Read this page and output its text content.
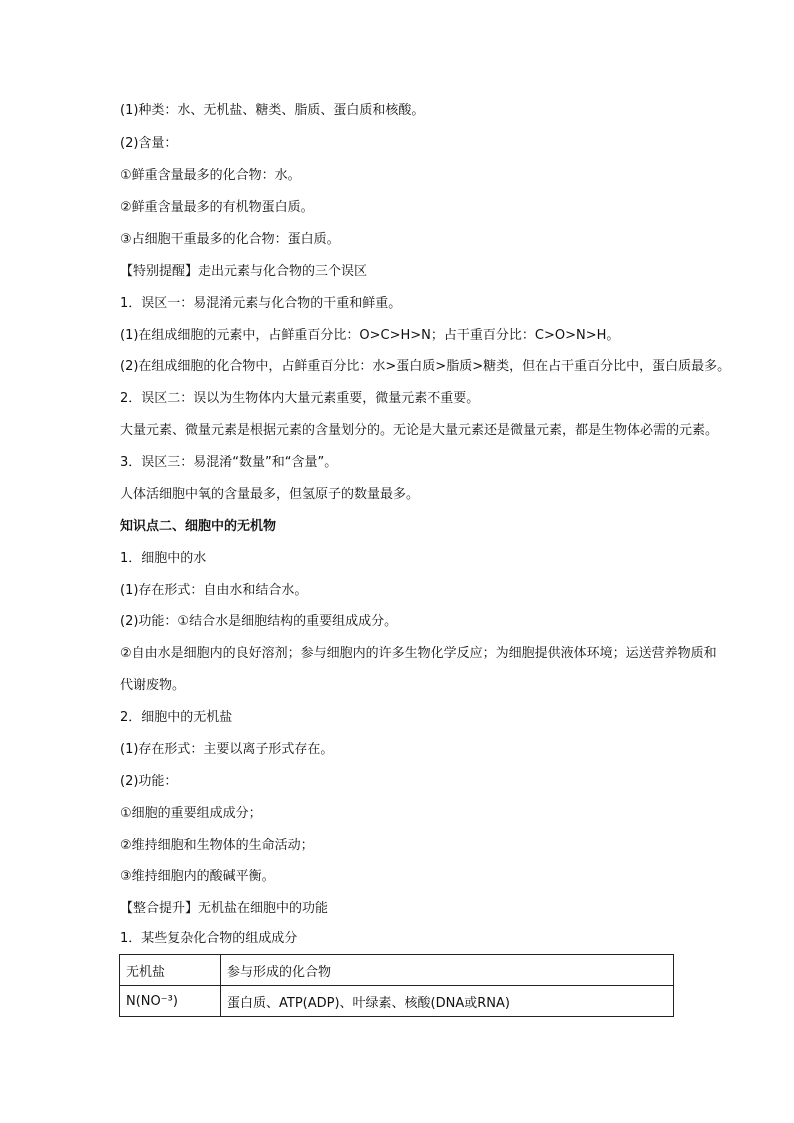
(1)种类：水、无机盐、糖类、脂质、蛋白质和核酸。
(2)含量：
①鲜重含量最多的化合物：水。
②鲜重含量最多的有机物蛋白质。
③占细胞干重最多的化合物：蛋白质。
【特别提醒】走出元素与化合物的三个误区
1．误区一：易混淆元素与化合物的干重和鲜重。
(1)在组成细胞的元素中，占鲜重百分比：O>C>H>N；占干重百分比：C>O>N>H。
(2)在组成细胞的化合物中，占鲜重百分比：水>蛋白质>脂质>糖类，但在占干重百分比中，蛋白质最多。
2．误区二：误以为生物体内大量元素重要，微量元素不重要。
大量元素、微量元素是根据元素的含量划分的。无论是大量元素还是微量元素，都是生物体必需的元素。
3．误区三：易混淆“数量”和“含量”。
人体活细胞中氧的含量最多，但氢原子的数量最多。
知识点二、细胞中的无机物
1．细胞中的水
(1)存在形式：自由水和结合水。
(2)功能：①结合水是细胞结构的重要组成成分。
②自由水是细胞内的良好溶剂；参与细胞内的许多生物化学反应；为细胞提供液体环境；运送营养物质和
代谢废物。
2．细胞中的无机盐
(1)存在形式：主要以离子形式存在。
(2)功能：
①细胞的重要组成成分；
②维持细胞和生物体的生命活动；
③维持细胞内的酸碱平衡。
【整合提升】无机盐在细胞中的功能
1．某些复杂化合物的组成成分
无机盐	参与形成的化合物
N(NO⁻³)	蛋白质、ATP(ADP)、叶绿素、核酸(DNA或RNA)
